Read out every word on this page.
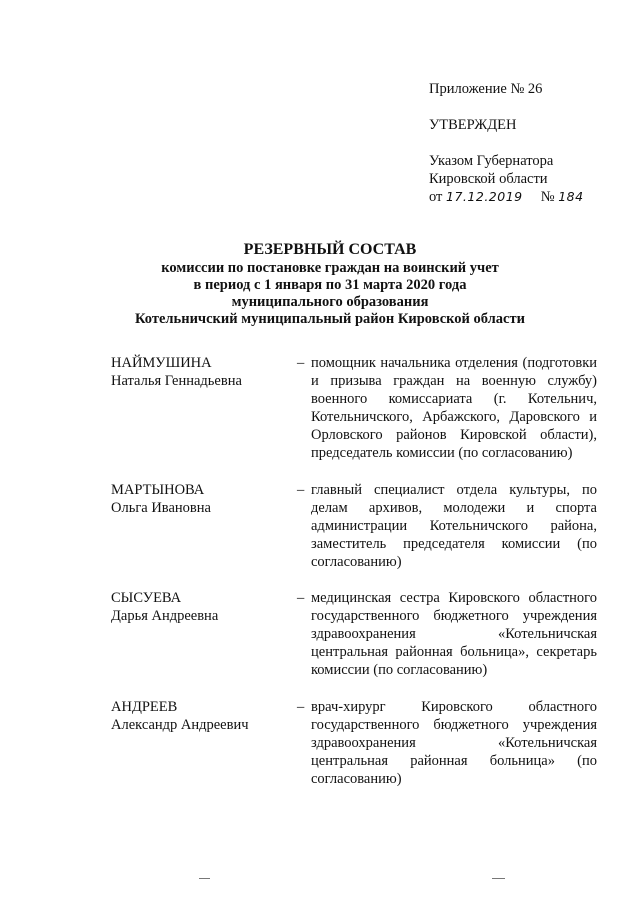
Приложение № 26
УТВЕРЖДЕН
Указом Губернатора
Кировской области
от 17.12.2019 № 184
РЕЗЕРВНЫЙ СОСТАВ
комиссии по постановке граждан на воинский учет
в период с 1 января по 31 марта 2020 года
муниципального образования
Котельничский муниципальный район Кировской области
НАЙМУШИНА
Наталья Геннадьевна
– помощник начальника отделения (подготовки и призыва граждан на военную службу) военного комиссариата (г. Котельнич, Котельничского, Арбажского, Даровского и Орловского районов Кировской области), председатель комиссии (по согласованию)
МАРТЫНОВА
Ольга Ивановна
– главный специалист отдела культуры, по делам архивов, молодежи и спорта администрации Котельничского района, заместитель председателя комиссии (по согласованию)
СЫСУЕВА
Дарья Андреевна
– медицинская сестра Кировского областного государственного бюджетного учреждения здравоохранения «Котельничская центральная районная больница», секретарь комиссии (по согласованию)
АНДРЕЕВ
Александр Андреевич
– врач-хирург Кировского областного государственного бюджетного учреждения здравоохранения «Котельничская центральная районная больница» (по согласованию)
